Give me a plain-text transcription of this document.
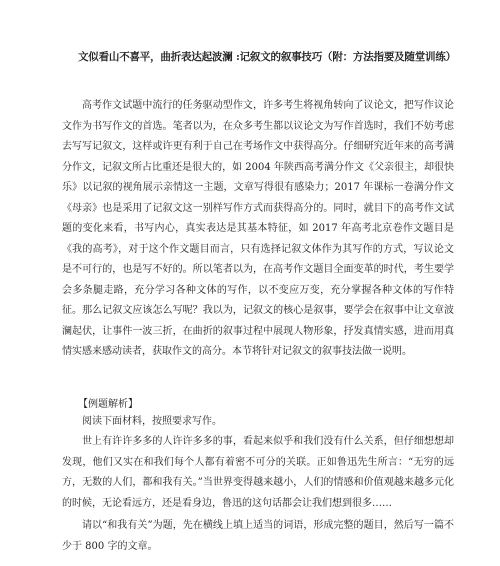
文似看山不喜平，曲折表达起波澜 :记叙文的叙事技巧（附：方法指要及随堂训练）

高考作文试题中流行的任务驱动型作文，许多考生将视角转向了议论文，把写作议论文作为书写作文的首选。笔者以为，在众多考生都以议论文为写作首选时，我们不妨考虑去写写记叙文，这样或许更有利于自己在考场作文中获得高分。仔细研究近年来的高考满分作文，记叙文所占比重还是很大的，如 2004 年陕西高考满分作文《父亲很主，却很快乐》以记叙的视角展示亲情这一主题，文章写得很有感染力；2017 年课标一卷满分作文《母亲》也是采用了记叙文这一别样写作方式而获得高分的。同时，就目下的高考作文试题的变化来看，书写内心，真实表达是其基本特征，如 2017 年高考北京卷作文题目是《我的高考》，对于这个作文题目而言，只有选择记叙文体作为其写作的方式，写议论文是不可行的，也是写不好的。所以笔者以为，在高考作文题目全面变革的时代，考生要学会多条腿走路，充分学习各种文体的写作，以不变应万变，充分掌握各种文体的写作特征。那么记叙文应该怎么写呢？我以为，记叙文的核心是叙事，要学会在叙事中让文章波澜起伏，让事件一波三折，在曲折的叙事过程中展现人物形象，抒发真情实感，进而用真情实感来感动读者，获取作文的高分。本节将针对记叙文的叙事技法做一说明。

【例题解析】

阅读下面材料，按照要求写作。

世上有许许多多的人许许多多的事，看起来似乎和我们没有什么关系，但仔细想想却发现，他们又实在和我们每个人都有着密不可分的关联。正如鲁迅先生所言：“无穷的远方，无数的人们，都和我有关。”当世界变得越来越小，人们的情感和价值观越来越多元化的时候，无论看远方，还是看身边，鲁迅的这句话都会让我们想到很多……

请以“和我有关”为题，先在横线上填上适当的词语，形成完整的题目，然后写一篇不少于 800 字的文章。
